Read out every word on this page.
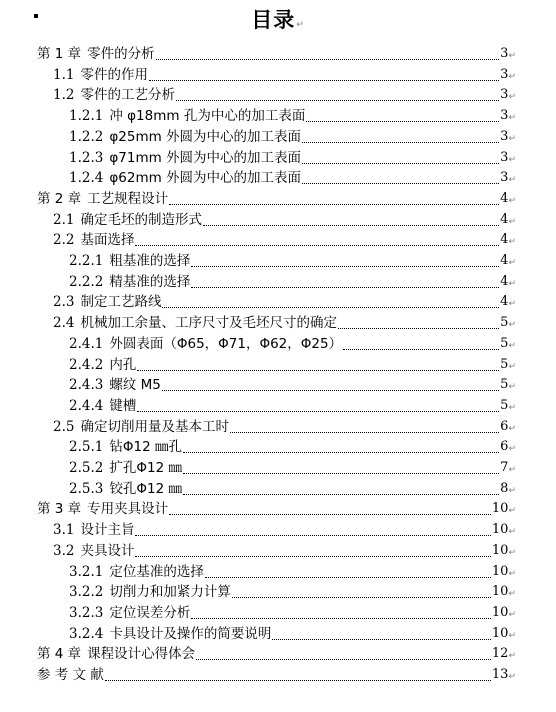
目录↵
第 1 章 零件的分析	3 ↵
1.1 零件的作用	3 ↵
1.2 零件的工艺分析	3 ↵
1.2.1 冲 φ18mm 孔为中心的加工表面	3 ↵
1.2.2 φ25mm 外圆为中心的加工表面	3 ↵
1.2.3 φ71mm 外圆为中心的加工表面	3 ↵
1.2.4 φ62mm 外圆为中心的加工表面	3 ↵
第 2 章 工艺规程设计	4 ↵
2.1 确定毛坯的制造形式	4 ↵
2.2 基面选择	4 ↵
2.2.1 粗基准的选择	4 ↵
2.2.2 精基准的选择	4 ↵
2.3 制定工艺路线	4 ↵
2.4 机械加工余量、工序尺寸及毛坯尺寸的确定	5 ↵
2.4.1 外圆表面（Φ65，Φ71，Φ62，Φ25）	5 ↵
2.4.2 内孔	5 ↵
2.4.3 螺纹 M5	5 ↵
2.4.4 键槽	5 ↵
2.5 确定切削用量及基本工时	6 ↵
2.5.1 钻Φ12 ㎜孔	6 ↵
2.5.2 扩孔Φ12 ㎜	7 ↵
2.5.3 铰孔Φ12 ㎜	8 ↵
第 3 章 专用夹具设计	10 ↵
3.1 设计主旨	10 ↵
3.2 夹具设计	10 ↵
3.2.1 定位基准的选择	10 ↵
3.2.2 切削力和加紧力计算	10 ↵
3.2.3 定位误差分析	10 ↵
3.2.4 卡具设计及操作的简要说明	10 ↵
第 4 章 课程设计心得体会	12 ↵
参 考 文 献	13 ↵
